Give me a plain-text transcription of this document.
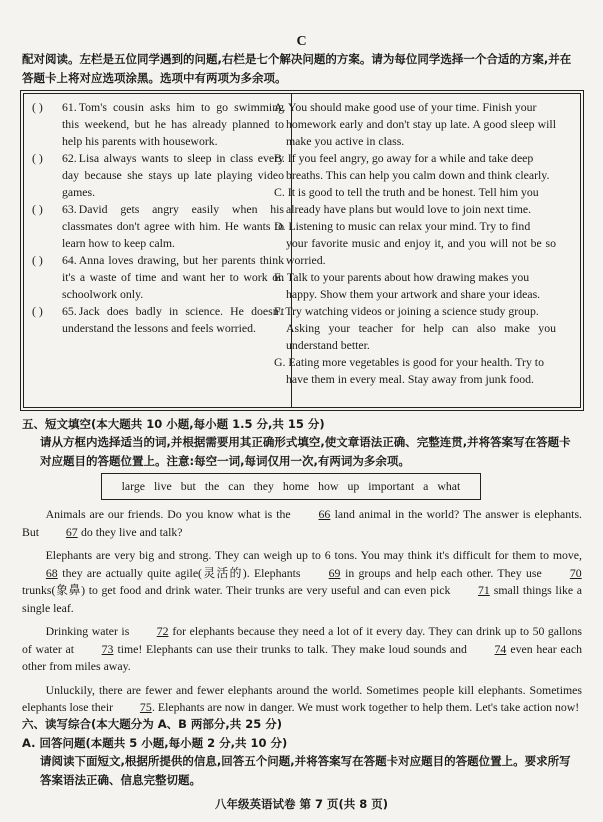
C
配对阅读。左栏是五位同学遇到的问题,右栏是七个解决问题的方案。请为每位同学选择一个合适的方案,并在答题卡上将对应选项涂黑。选项中有两项为多余项。
( )	61. Tom's cousin asks him to go swimming this weekend, but he has already planned to help his parents with housework.
( )	62. Lisa always wants to sleep in class every day because she stays up late playing video games.
( )	63. David gets angry easily when his classmates don't agree with him. He wants to learn how to keep calm.
( )	64. Anna loves drawing, but her parents think it's a waste of time and want her to work on schoolwork only.
( )	65. Jack does badly in science. He doesn't understand the lessons and feels worried.
A. You should make good use of your time. Finish your
homework early and don't stay up late. A good sleep will make you active in class.
B. If you feel angry, go away for a while and take deep
breaths. This can help you calm down and think clearly.
C. It is good to tell the truth and be honest. Tell him you
already have plans but would love to join next time.
D. Listening to music can relax your mind. Try to find
your favorite music and enjoy it, and you will not be so worried.
E. Talk to your parents about how drawing makes you
happy. Show them your artwork and share your ideas.
F. Try watching videos or joining a science study group.
Asking your teacher for help can also make you understand better.
G. Eating more vegetables is good for your health. Try to
have them in every meal. Stay away from junk food.
五、短文填空(本大题共 10 小题,每小题 1.5 分,共 15 分)
请从方框内选择适当的词,并根据需要用其正确形式填空,使文章语法正确、完整连贯,并将答案写在答题卡对应题目的答题位置上。注意:每空一词,每词仅用一次,有两词为多余项。
large live but the can they home how up important a what

Animals are our friends. Do you know what is the 66 land animal in the world? The answer is elephants. But 67 do they live and talk?

Elephants are very big and strong. They can weigh up to 6 tons. You may think it's difficult for them to move, 68 they are actually quite agile(灵活的). Elephants 69 in groups and help each other. They use 70 trunks(象鼻) to get food and drink water. Their trunks are very useful and can even pick 71 small things like a single leaf.

Drinking water is 72 for elephants because they need a lot of it every day. They can drink up to 50 gallons of water at 73 time! Elephants can use their trunks to talk. They make loud sounds and 74 even hear each other from miles away.

Unluckily, there are fewer and fewer elephants around the world. Sometimes people kill elephants. Sometimes elephants lose their 75. Elephants are now in danger. We must work together to help them. Let's take action now!

六、读写综合(本大题分为 A、B 两部分,共 25 分)
A. 回答问题(本题共 5 小题,每小题 2 分,共 10 分)
请阅读下面短文,根据所提供的信息,回答五个问题,并将答案写在答题卡对应题目的答题位置上。要求所写答案语法正确、信息完整切题。
八年级英语试卷 第 7 页(共 8 页)
